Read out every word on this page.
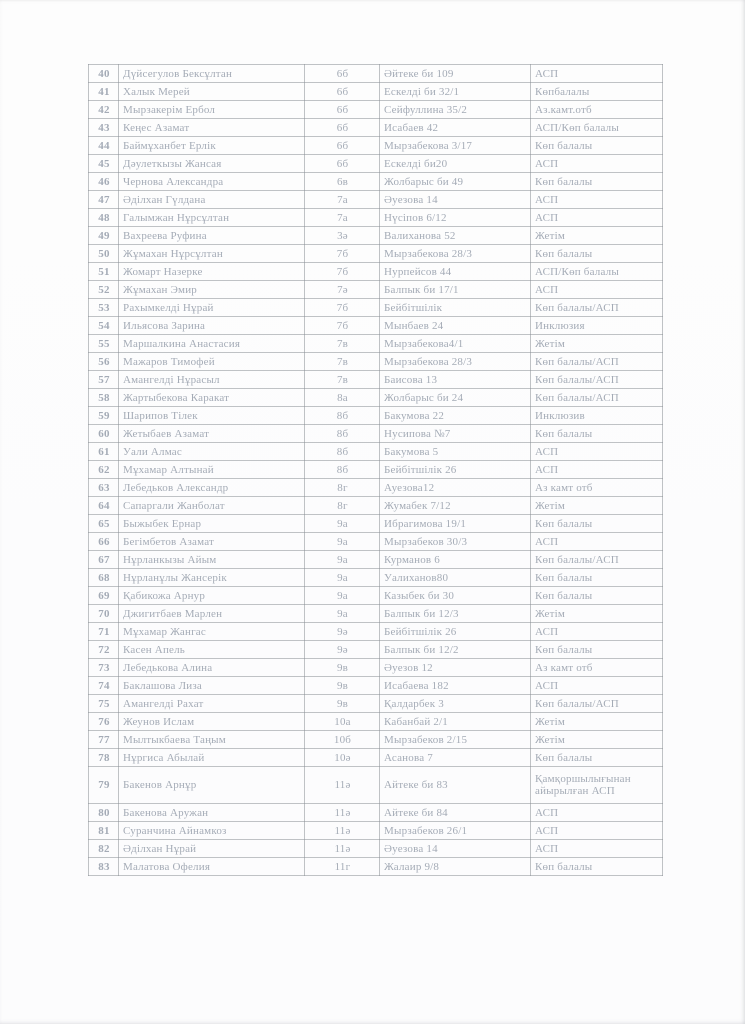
40	Дүйсегулов Бексұлтан	6б	Әйтеке би 109	АСП
41	Халык Мерей	6б	Ескелді би 32/1	Көпбалалы
42	Мырзакерім Ербол	6б	Сейфуллина 35/2	Аз.камт.отб
43	Кеңес Азамат	6б	Исабаев 42	АСП/Көп балалы
44	Баймұханбет Ерлік	6б	Мырзабекова 3/17	Көп балалы
45	Дәулеткызы Жансая	6б	Ескелді би20	АСП
46	Чернова Александра	6в	Жолбарыс би 49	Көп балалы
47	Әділхан Гүлдана	7а	Әуезова 14	АСП
48	Галымжан Нұрсұлтан	7а	Нүсіпов 6/12	АСП
49	Вахреева Руфина	3ә	Валиханова 52	Жетім
50	Жұмахан Нұрсұлтан	7б	Мырзабекова 28/3	Көп балалы
51	Жомарт Назерке	7б	Нурпейсов 44	АСП/Көп балалы
52	Жұмахан Эмир	7ә	Балпык би 17/1	АСП
53	Рахымкелді Нұрай	7б	Бейбітшілік	Көп балалы/АСП
54	Ильясова Зарина	7б	Мынбаев 24	Инклюзия
55	Маршалкина Анастасия	7в	Мырзабекова4/1	Жетім
56	Мажаров Тимофей	7в	Мырзабекова 28/3	Көп балалы/АСП
57	Амангелді Нұрасыл	7в	Баисова 13	Көп балалы/АСП
58	Жартыбекова Каракат	8а	Жолбарыс би 24	Көп балалы/АСП
59	Шарипов Тілек	8б	Бакумова 22	Инклюзив
60	Жетыбаев Азамат	8б	Нусипова №7	Көп балалы
61	Уали Алмас	8б	Бакумова 5	АСП
62	Мұхамар Алтынай	8б	Бейбітшілік 26	АСП
63	Лебедьков Александр	8г	Ауезова12	Аз камт отб
64	Сапаргали Жанболат	8г	Жумабек 7/12	Жетім
65	Быжыбек Ернар	9а	Ибрагимова 19/1	Көп балалы
66	Бегімбетов Азамат	9а	Мырзабеков 30/3	АСП
67	Нұрланкызы Айым	9а	Курманов 6	Көп балалы/АСП
68	Нұрланұлы Жансерік	9а	Уалиханов80	Көп балалы
69	Қабикожа Арнур	9а	Казыбек би 30	Көп балалы
70	Джигитбаев Марлен	9а	Балпык би 12/3	Жетім
71	Мұхамар Жангас	9ә	Бейбітшілік 26	АСП
72	Касен Апель	9ә	Балпык би 12/2	Көп балалы
73	Лебедькова Алина	9в	Әуезов 12	Аз камт отб
74	Баклашова Лиза	9в	Исабаева 182	АСП
75	Амангелді Рахат	9в	Қалдарбек 3	Көп балалы/АСП
76	Жеунов Ислам	10а	Кабанбай 2/1	Жетім
77	Мылтыкбаева Таңым	10б	Мырзабеков 2/15	Жетім
78	Нұргиса Абылай	10ә	Асанова 7	Көп балалы
79	Бакенов Арнұр	11ә	Айтеке би 83	Қамқоршылығынан айырылған АСП
80	Бакенова Аружан	11ә	Айтеке би 84	АСП
81	Суранчина Айнамкоз	11ә	Мырзабеков 26/1	АСП
82	Әділхан Нұрай	11ә	Әуезова 14	АСП
83	Малатова Офелия	11г	Жалаир 9/8	Көп балалы
